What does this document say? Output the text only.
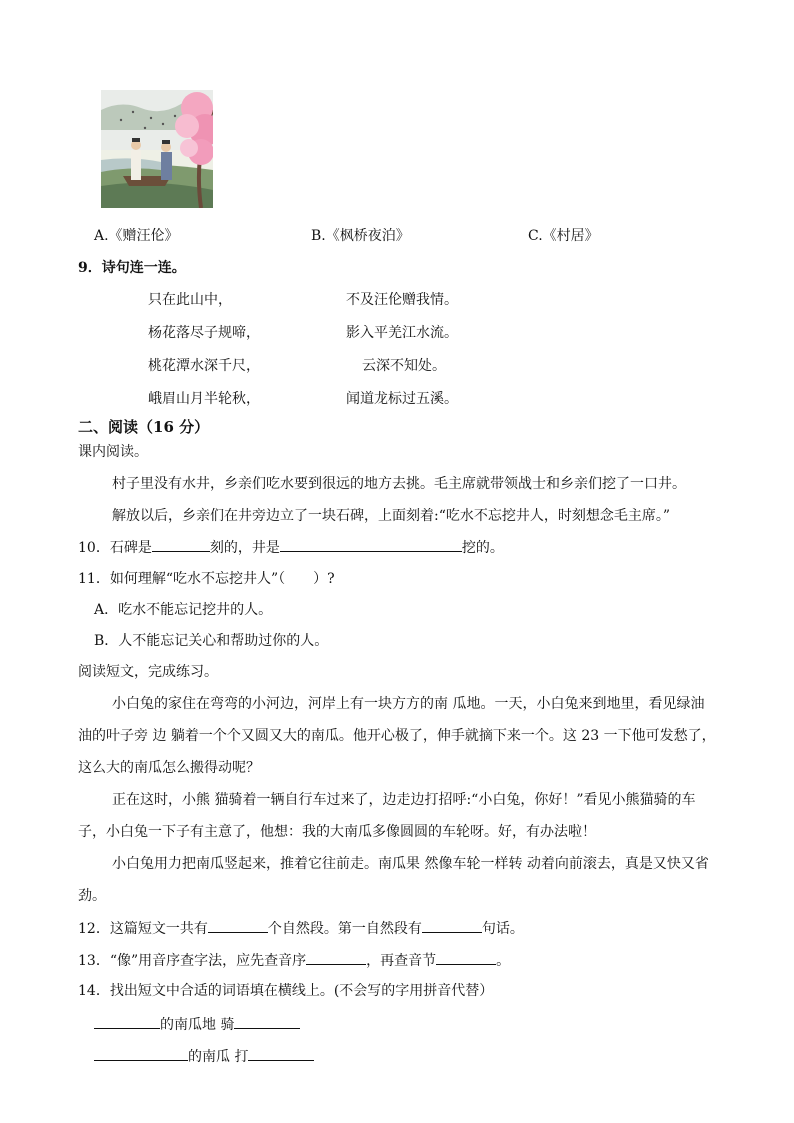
A.《赠汪伦》	B.《枫桥夜泊》	C.《村居》
9．诗句连一连。
只在此山中，	不及汪伦赠我情。
杨花落尽子规啼，	影入平羌江水流。
桃花潭水深千尺，	云深不知处。
峨眉山月半轮秋，	闻道龙标过五溪。
二、阅读（16 分）
课内阅读。
村子里没有水井，乡亲们吃水要到很远的地方去挑。毛主席就带领战士和乡亲们挖了一口井。
解放以后，乡亲们在井旁边立了一块石碑，上面刻着:“吃水不忘挖井人，时刻想念毛主席。”
10．石碑是	刻的，井是	挖的。
11．如何理解“吃水不忘挖井人”（　　）?
A．吃水不能忘记挖井的人。
B．人不能忘记关心和帮助过你的人。
阅读短文，完成练习。
小白兔的家住在弯弯的小河边，河岸上有一块方方的南 瓜地。一天，小白兔来到地里，看见绿油
油的叶子旁 边 躺着一个个又圆又大的南瓜。他开心极了，伸手就摘下来一个。这 23 一下他可发愁了，
这么大的南瓜怎么搬得动呢？
正在这时，小熊 猫骑着一辆自行车过来了，边走边打招呼:“小白兔，你好！”看见小熊猫骑的车
子，小白兔一下子有主意了，他想：我的大南瓜多像圆圆的车轮呀。好，有办法啦！
小白兔用力把南瓜竖起来，推着它往前走。南瓜果 然像车轮一样转 动着向前滚去，真是又快又省
劲。
12．这篇短文一共有	个自然段。第一自然段有	句话。
13．“像”用音序查字法，应先查音序	，再查音节	。
14．找出短文中合适的词语填在横线上。(不会写的字用拼音代替）
的南瓜地 骑
的南瓜 打
